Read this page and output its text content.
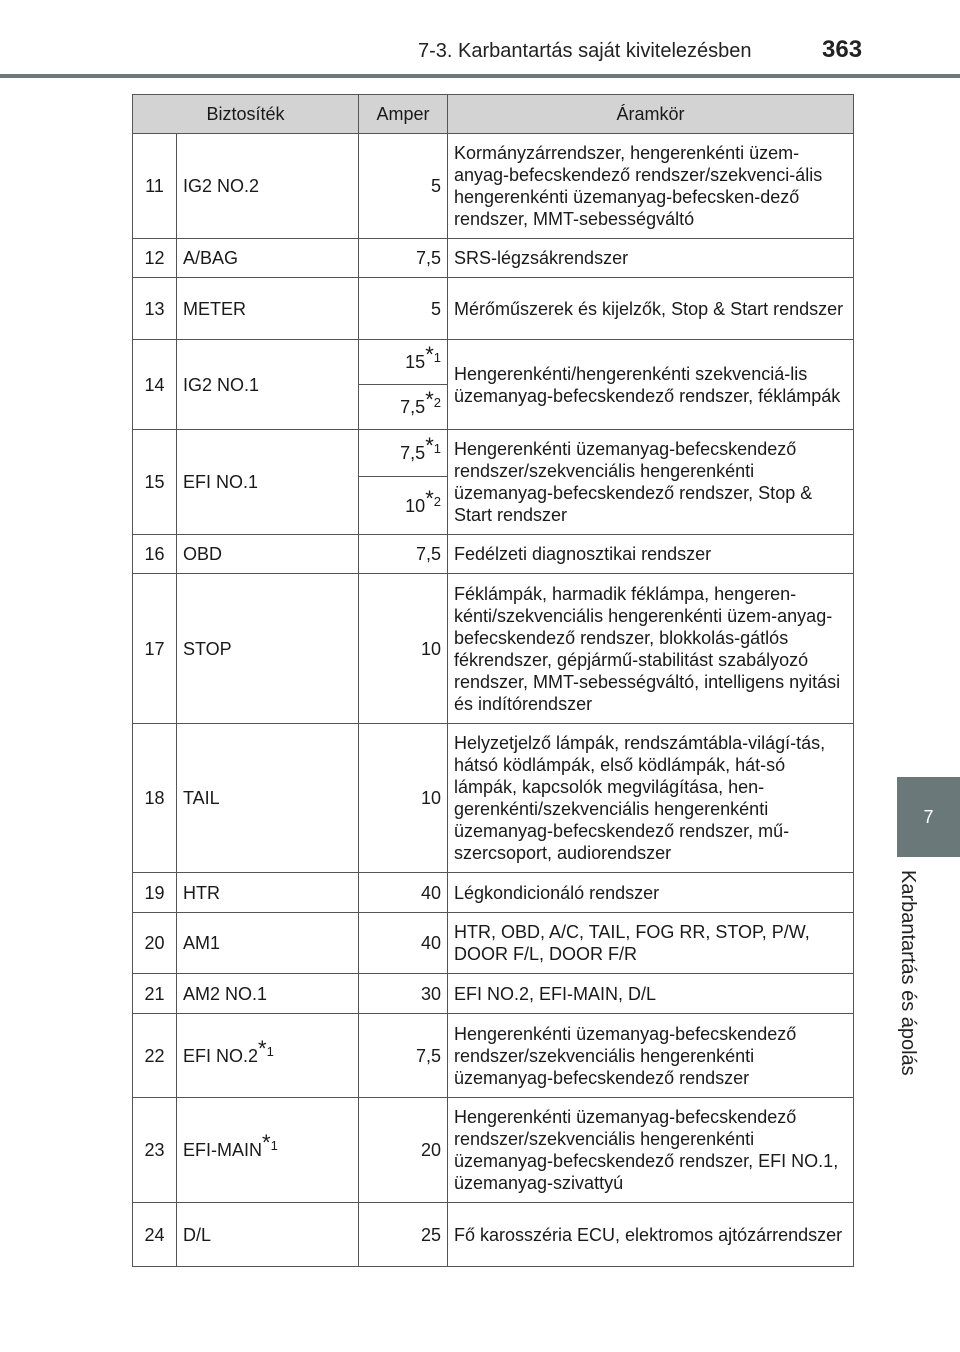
7-3. Karbantartás saját kivitelezésben	363
7
Karbantartás és ápolás
Biztosíték		Amper	Áramkör
11	IG2 NO.2	5	Kormányzárrendszer, hengerenkénti üzem-anyag-befecskendező rendszer/szekvenci-ális hengerenkénti üzemanyag-befecsken-dező rendszer, MMT-sebességváltó
12	A/BAG	7,5	SRS-légzsákrendszer
13	METER	5	Mérőműszerek és kijelzők, Stop & Start rendszer
14	IG2 NO.1	15$^{*1}$	Hengerenkénti/hengerenkénti szekvenciá-lis üzemanyag-befecskendező rendszer, féklámpák
		7,5$^{*2}$
15	EFI NO.1	7,5$^{*1}$	Hengerenkénti üzemanyag-befecskendező rendszer/szekvenciális hengerenkénti üzemanyag-befecskendező rendszer, Stop & Start rendszer
		10$^{*2}$
16	OBD	7,5	Fedélzeti diagnosztikai rendszer
17	STOP	10	Féklámpák, harmadik féklámpa, hengeren-kénti/szekvenciális hengerenkénti üzem-anyag-befecskendező rendszer, blokkolás-gátlós fékrendszer, gépjármű-stabilitást szabályozó rendszer, MMT-sebességváltó, intelligens nyitási és indítórendszer
18	TAIL	10	Helyzetjelző lámpák, rendszámtábla-világí-tás, hátsó ködlámpák, első ködlámpák, hát-só lámpák, kapcsolók megvilágítása, hen-gerenkénti/szekvenciális hengerenkénti üzemanyag-befecskendező rendszer, mű-szercsoport, audiorendszer
19	HTR	40	Légkondicionáló rendszer
20	AM1	40	HTR, OBD, A/C, TAIL, FOG RR, STOP, P/W, DOOR F/L, DOOR F/R
21	AM2 NO.1	30	EFI NO.2, EFI-MAIN, D/L
22	EFI NO.2$^{*1}$	7,5	Hengerenkénti üzemanyag-befecskendező rendszer/szekvenciális hengerenkénti üzemanyag-befecskendező rendszer
23	EFI-MAIN$^{*1}$	20	Hengerenkénti üzemanyag-befecskendező rendszer/szekvenciális hengerenkénti üzemanyag-befecskendező rendszer, EFI NO.1, üzemanyag-szivattyú
24	D/L	25	Fő karosszéria ECU, elektromos ajtózárrendszer
